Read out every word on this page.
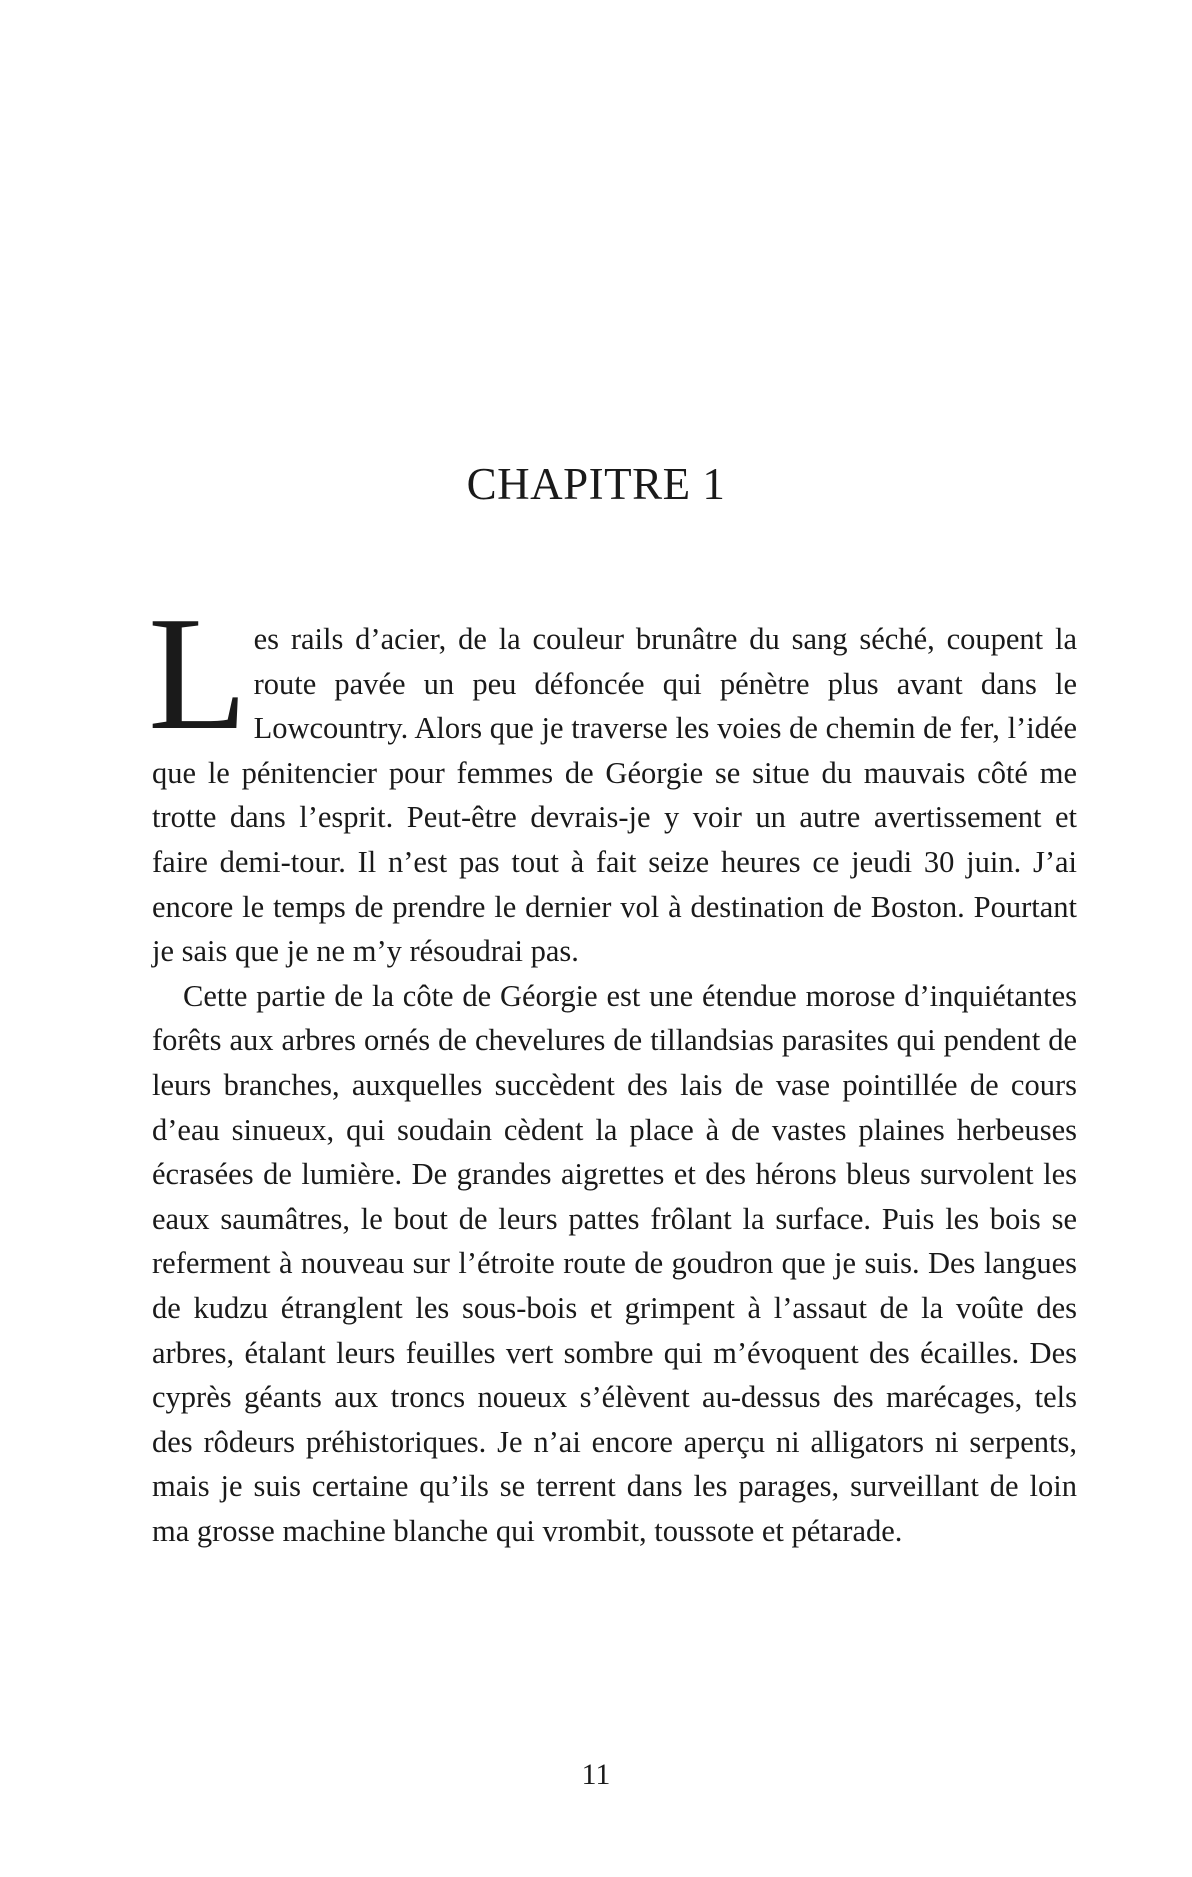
CHAPITRE 1

Les rails d’acier, de la couleur brunâtre du sang séché, coupent la route pavée un peu défoncée qui pénètre plus avant dans le Lowcountry. Alors que je traverse les voies de chemin de fer, l’idée que le pénitencier pour femmes de Géorgie se situe du mauvais côté me trotte dans l’esprit. Peut-être devrais-je y voir un autre avertissement et faire demi-tour. Il n’est pas tout à fait seize heures ce jeudi 30 juin. J’ai encore le temps de prendre le dernier vol à destination de Boston. Pourtant je sais que je ne m’y résoudrai pas.

Cette partie de la côte de Géorgie est une étendue morose d’inquiétantes forêts aux arbres ornés de chevelures de tillandsias parasites qui pendent de leurs branches, auxquelles succèdent des lais de vase pointillée de cours d’eau sinueux, qui soudain cèdent la place à de vastes plaines herbeuses écrasées de lumière. De grandes aigrettes et des hérons bleus survolent les eaux saumâtres, le bout de leurs pattes frôlant la surface. Puis les bois se referment à nouveau sur l’étroite route de goudron que je suis. Des langues de kudzu étranglent les sous-bois et grimpent à l’assaut de la voûte des arbres, étalant leurs feuilles vert sombre qui m’évoquent des écailles. Des cyprès géants aux troncs noueux s’élèvent au-dessus des marécages, tels des rôdeurs préhistoriques. Je n’ai encore aperçu ni alligators ni serpents, mais je suis certaine qu’ils se terrent dans les parages, surveillant de loin ma grosse machine blanche qui vrombit, toussote et pétarade.

11
